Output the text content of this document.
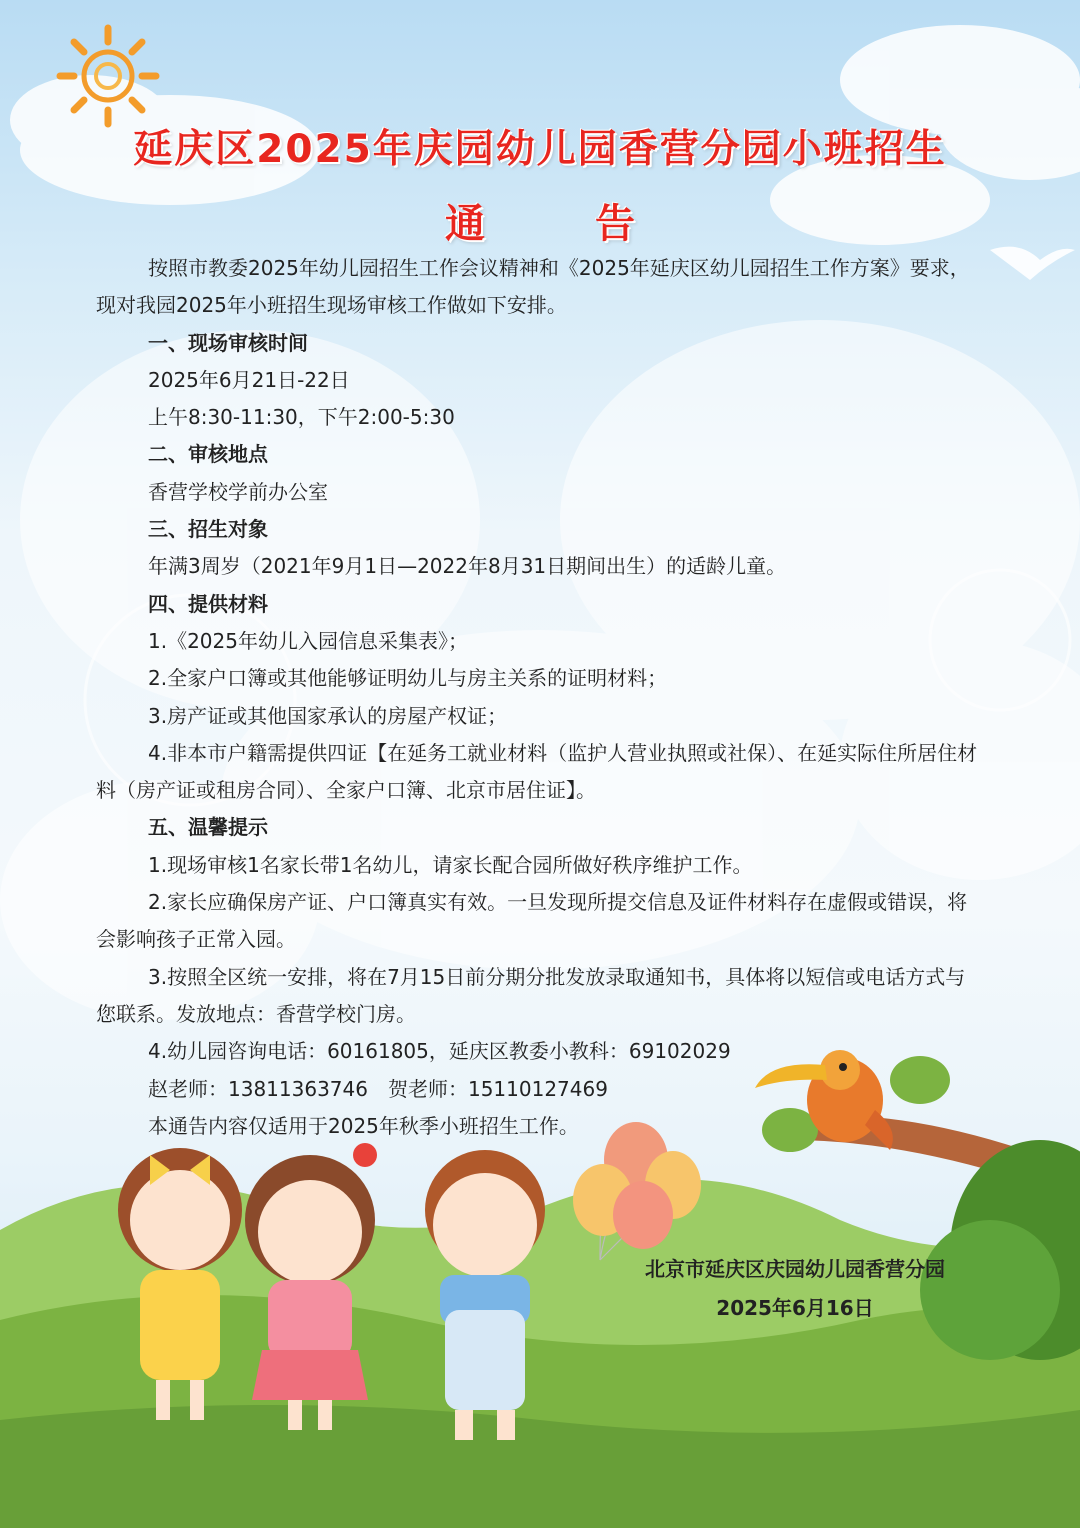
延庆区2025年庆园幼儿园香营分园小班招生
通告

按照市教委2025年幼儿园招生工作会议精神和《2025年延庆区幼儿园招生工作方案》要求，现对我园2025年小班招生现场审核工作做如下安排。

一、现场审核时间

2025年6月21日-22日

上午8:30-11:30，下午2:00-5:30

二、审核地点

香营学校学前办公室

三、招生对象

年满3周岁（2021年9月1日—2022年8月31日期间出生）的适龄儿童。

四、提供材料

1.《2025年幼儿入园信息采集表》；

2.全家户口簿或其他能够证明幼儿与房主关系的证明材料；

3.房产证或其他国家承认的房屋产权证；

4.非本市户籍需提供四证【在延务工就业材料（监护人营业执照或社保）、在延实际住所居住材料（房产证或租房合同）、全家户口簿、北京市居住证】。

五、温馨提示

1.现场审核1名家长带1名幼儿，请家长配合园所做好秩序维护工作。

2.家长应确保房产证、户口簿真实有效。一旦发现所提交信息及证件材料存在虚假或错误，将会影响孩子正常入园。

3.按照全区统一安排，将在7月15日前分期分批发放录取通知书，具体将以短信或电话方式与您联系。发放地点：香营学校门房。

4.幼儿园咨询电话：60161805，延庆区教委小教科：69102029

赵老师：13811363746　贺老师：15110127469

本通告内容仅适用于2025年秋季小班招生工作。

北京市延庆区庆园幼儿园香营分园
2025年6月16日
